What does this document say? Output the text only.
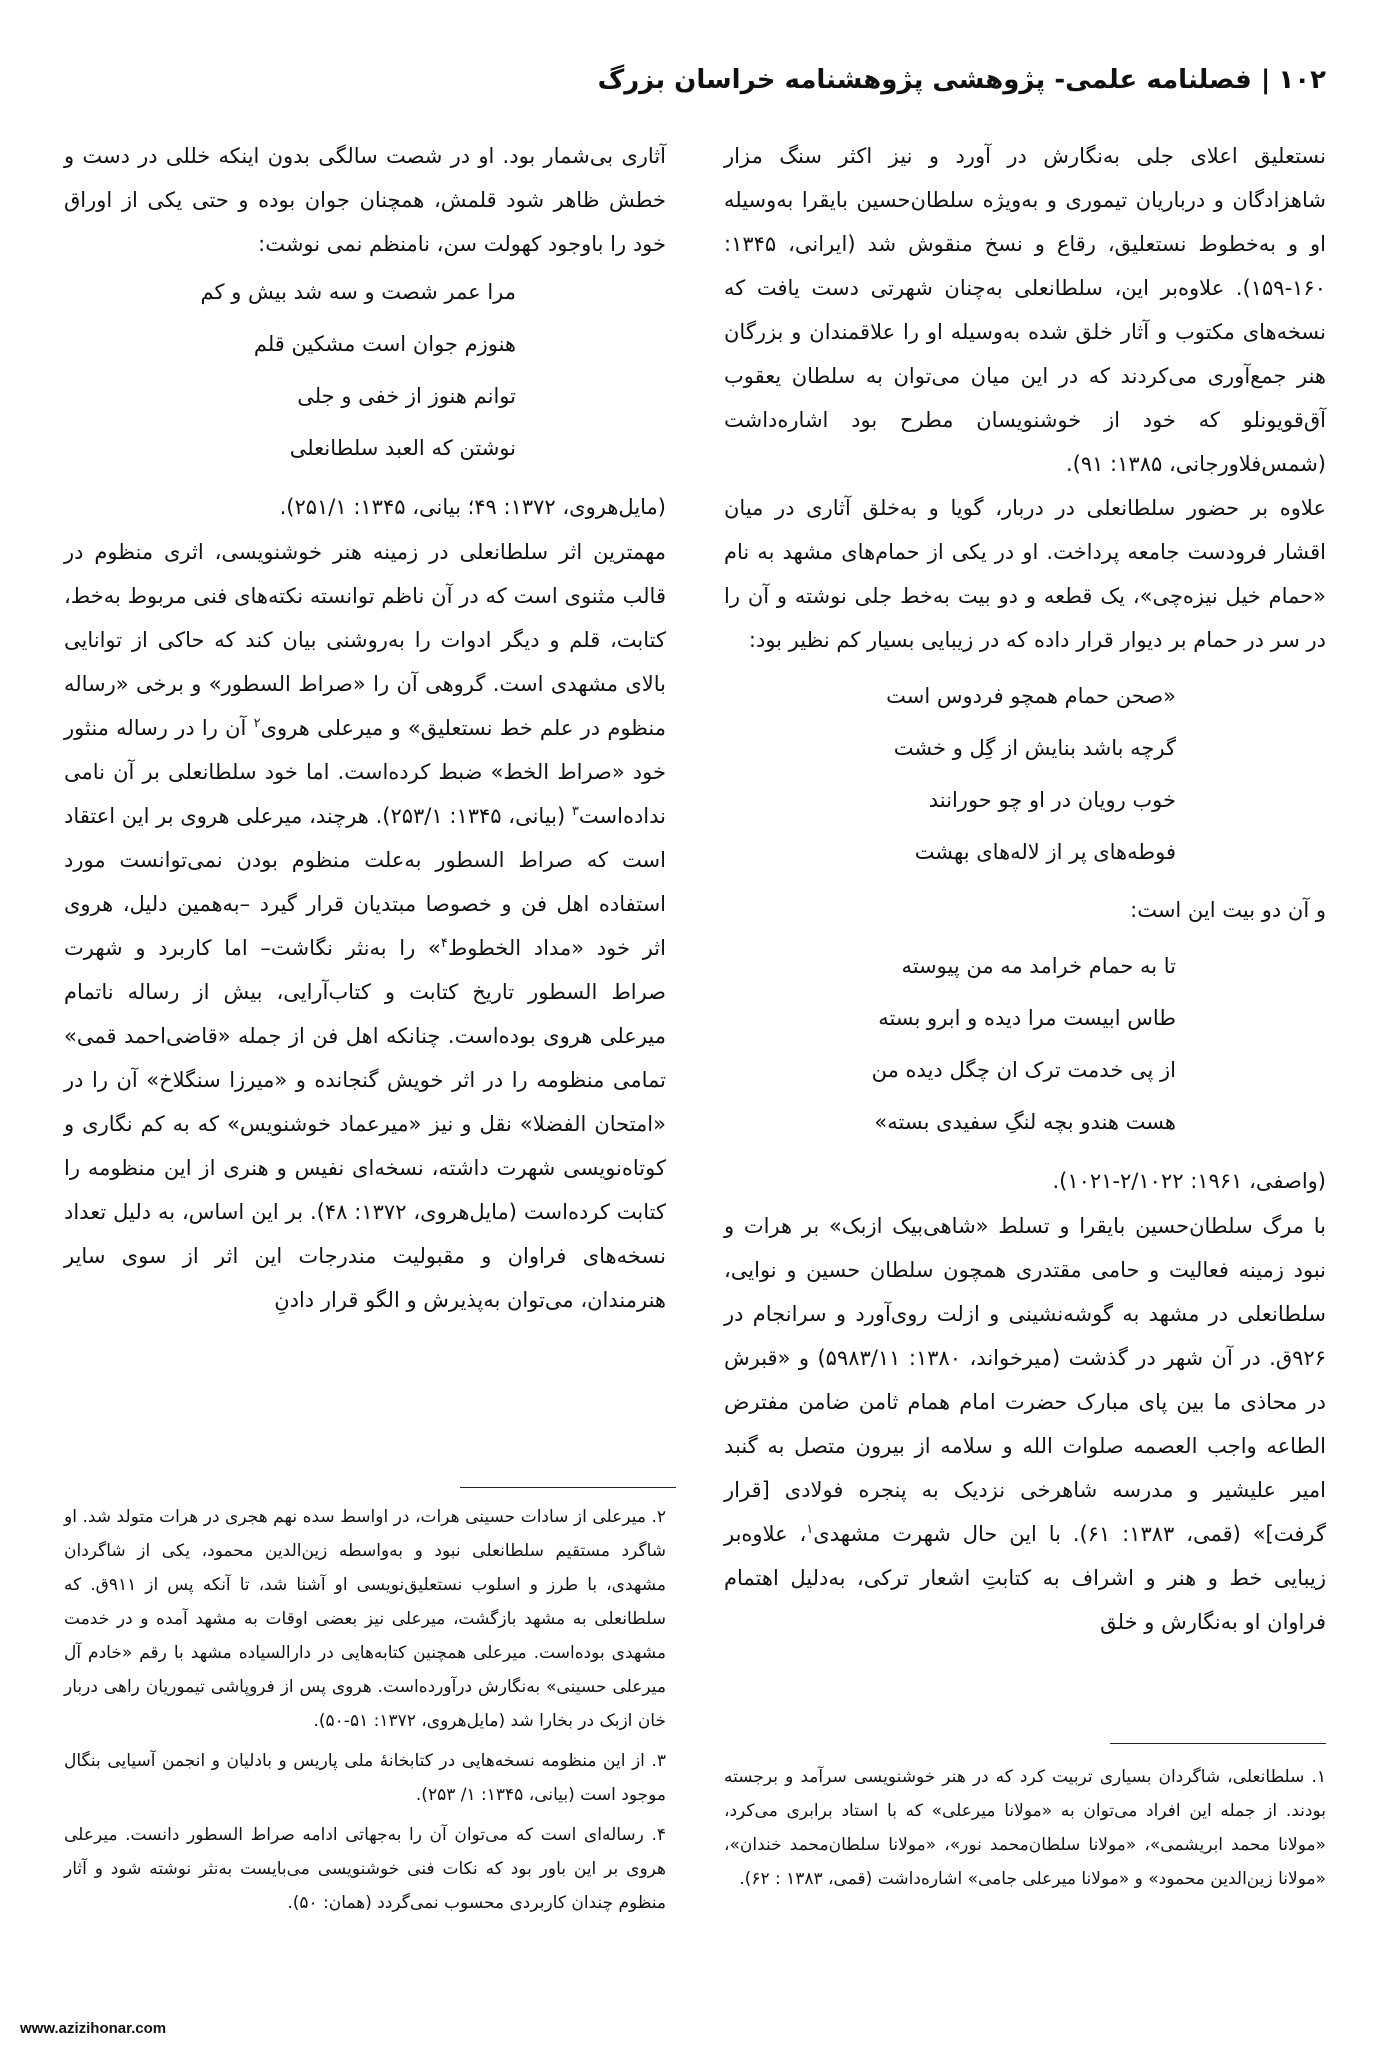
۱۰۲| فصلنامه علمی- پژوهشی پژوهشنامه خراسان بزرگ

نستعلیق اعلای جلی به‌نگارش در آورد و نیز اکثر سنگ مزار شاهزادگان و درباریان تیموری و به‌ویژه سلطان‌حسین بایقرا به‌وسیله او و به‌خطوط نستعلیق، رقاع و نسخ منقوش شد (ایرانی، ۱۳۴۵: ۱۶۰-۱۵۹). علاوه‌بر این، سلطانعلی به‌چنان شهرتی دست یافت که نسخه‌های مکتوب و آثار خلق شده به‌وسیله او را علاقمندان و بزرگان هنر جمع‌آوری می‌کردند که در این میان می‌توان به سلطان یعقوب آق‌قویونلو که خود از خوشنویسان مطرح بود اشاره‌داشت (شمس‌فلاورجانی، ۱۳۸۵: ۹۱).

علاوه بر حضور سلطانعلی در دربار، گویا و به‌خلق آثاری در میان اقشار فرودست جامعه پرداخت. او در یکی از حمام‌های مشهد به نام «حمام خیل نیزه‌چی»، یک قطعه و دو بیت به‌خط جلی نوشته و آن را در سر در حمام بر دیوار قرار داده که در زیبایی بسیار کم نظیر بود:

«صحن حمام همچو فردوس است
گرچه باشد بنایش از گِل و خشت
خوب رویان در او چو حورانند
فوطه‌های پر از لاله‌های بهشت

و آن دو بیت این است:

تا به حمام خرامد مه من پیوسته
طاس ابیست مرا دیده و ابرو بسته
از پی خدمت ترک ان چگل دیده من
هست هندو بچه لنگِ سفیدی بسته»

(واصفی، ۱۹۶۱: ۲/۱۰۲۲-۱۰۲۱).

با مرگ سلطان‌حسین بایقرا و تسلط «شاهی‌بیک ازبک» بر هرات و نبود زمینه فعالیت و حامی مقتدری همچون سلطان حسین و نوایی، سلطانعلی در مشهد به گوشه‌نشینی و ازلت روی‌آورد و سرانجام در ۹۲۶ق. در آن شهر در گذشت (میرخواند، ۱۳۸۰: ۵۹۸۳/۱۱) و «قبرش در محاذی ما بین پای مبارک حضرت امام همام ثامن ضامن مفترض الطاعه واجب العصمه صلوات الله و سلامه از بیرون متصل به گنبد امیر علیشیر و مدرسه شاهرخی نزدیک به پنجره فولادی [قرار گرفت]» (قمی، ۱۳۸۳: ۶۱). با این حال شهرت مشهدی$^۱$، علاوه‌بر زیبایی خط و هنر و اشراف به کتابتِ اشعار ترکی، به‌دلیل اهتمام فراوان او به‌نگارش و خلق

آثاری بی‌شمار بود. او در شصت سالگی بدون اینکه خللی در دست و خطش ظاهر شود قلمش، همچنان جوان بوده و حتی یکی از اوراق خود را باوجود کهولت سن، نامنظم نمی نوشت:

مرا عمر شصت و سه شد بیش و کم
هنوزم جوان است مشکین قلم
توانم هنوز از خفی و جلی
نوشتن که العبد سلطانعلی

(مایل‌هروی، ۱۳۷۲: ۴۹؛ بیانی، ۱۳۴۵: ۲۵۱/۱).

مهمترین اثر سلطانعلی در زمینه هنر خوشنویسی، اثری منظوم در قالب مثنوی است که در آن ناظم توانسته نکته‌های فنی مربوط به‌خط، کتابت، قلم و دیگر ادوات را به‌روشنی بیان کند که حاکی از توانایی بالای مشهدی است. گروهی آن را «صراط السطور» و برخی «رساله منظوم در علم خط نستعلیق» و میرعلی هروی$^۲$ آن را در رساله منثور خود «صراط الخط» ضبط کرده‌است. اما خود سلطانعلی بر آن نامی نداده‌است$^۳$ (بیانی، ۱۳۴۵: ۲۵۳/۱). هرچند، میرعلی هروی بر این اعتقاد است که صراط السطور به‌علت منظوم بودن نمی‌توانست مورد استفاده اهل فن و خصوصا مبتدیان قرار گیرد –به‌همین دلیل، هروی اثر خود «مداد الخطوط$^۴$» را به‌نثر نگاشت– اما کاربرد و شهرت صراط السطور تاریخ کتابت و کتاب‌آرایی، بیش از رساله ناتمام میرعلی هروی بوده‌است. چنانکه اهل فن از جمله «قاضی‌احمد قمی» تمامی منظومه را در اثر خویش گنجانده و «میرزا سنگلاخ» آن را در «امتحان الفضلا» نقل و نیز «میرعماد خوشنویس» که به کم نگاری و کوتاه‌نویسی شهرت داشته، نسخه‌ای نفیس و هنری از این منظومه را کتابت کرده‌است (مایل‌هروی، ۱۳۷۲: ۴۸). بر این اساس، به دلیل تعداد نسخه‌های فراوان و مقبولیت مندرجات این اثر از سوی سایر هنرمندان، می‌توان به‌پذیرش و الگو قرار دادنِ

۲. میرعلی از سادات حسینی هرات، در اواسط سده نهم هجری در هرات متولد شد. او شاگرد مستقیم سلطانعلی نبود و به‌واسطه زین‌الدین محمود، یکی از شاگردان مشهدی، با طرز و اسلوب نستعلیق‌نویسی او آشنا شد، تا آنکه پس از ۹۱۱ق. که سلطانعلی به مشهد بازگشت، میرعلی نیز بعضی اوقات به مشهد آمده و در خدمت مشهدی بوده‌است. میرعلی همچنین کتابه‌هایی در دارالسیاده مشهد با رقم «خادم آل میرعلی حسینی» به‌نگارش درآورده‌است. هروی پس از فروپاشی تیموریان راهی دربار خان ازبک در بخارا شد (مایل‌هروی، ۱۳۷۲: ۵۱-۵۰).

۳. از این منظومه نسخه‌هایی در کتابخانهٔ ملی پاریس و بادلیان و انجمن آسیایی بنگال موجود است (بیانی، ۱۳۴۵: ۱/ ۲۵۳).

۴. رساله‌ای است که می‌توان آن را به‌جهاتی ادامه صراط السطور دانست. میرعلی هروی بر این باور بود که نکات فنی خوشنویسی می‌بایست به‌نثر نوشته شود و آثار منظوم چندان کاربردی محسوب نمی‌گردد (همان: ۵۰).

۱. سلطانعلی، شاگردان بسیاری تربیت کرد که در هنر خوشنویسی سرآمد و برجسته بودند. از جمله این افراد می‌توان به «مولانا میرعلی» که با استاد برابری می‌کرد، «مولانا محمد ابریشمی»، «مولانا سلطان‌محمد نور»، «مولانا سلطان‌محمد خندان»، «مولانا زین‌الدین محمود» و «مولانا میرعلی جامی» اشاره‌داشت (قمی، ۱۳۸۳ : ۶۲).

www.azizihonar.com
